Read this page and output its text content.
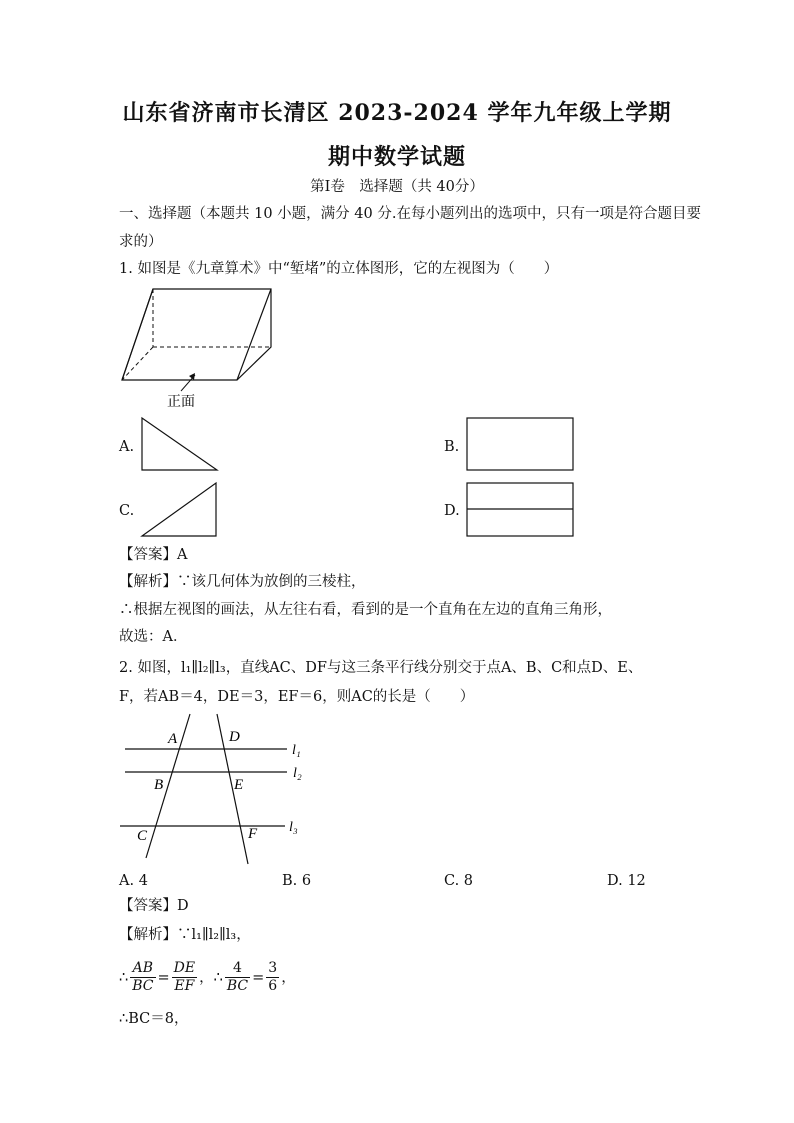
山东省济南市长清区 2023-2024 学年九年级上学期
期中数学试题
第Ⅰ卷　选择题（共 40分）
一、选择题（本题共 10 小题，满分 40 分.在每小题列出的选项中，只有一项是符合题目要
求的）
1. 如图是《九章算术》中“堑堵”的立体图形，它的左视图为（　　）
正面
A.	B.
C.	D.
【答案】A
【解析】∵该几何体为放倒的三棱柱，
∴根据左视图的画法，从左往右看，看到的是一个直角在左边的直角三角形，
故选：A．
2. 如图，l₁∥l₂∥l₃，直线AC、DF与这三条平行线分别交于点A、B、C和点D、E、
F，若AB＝4，DE＝3，EF＝6，则AC的长是（　　）
A	D
B	E
C	F
l₁
l₂
l₃
A. 4	B. 6	C. 8	D. 12
【答案】D
【解析】∵l₁∥l₂∥l₃，
∴ $\frac{AB}{BC} = \frac{DE}{EF}$ ， ∴ $\frac{4}{BC} = \frac{3}{6}$ ，
∴BC＝8，
